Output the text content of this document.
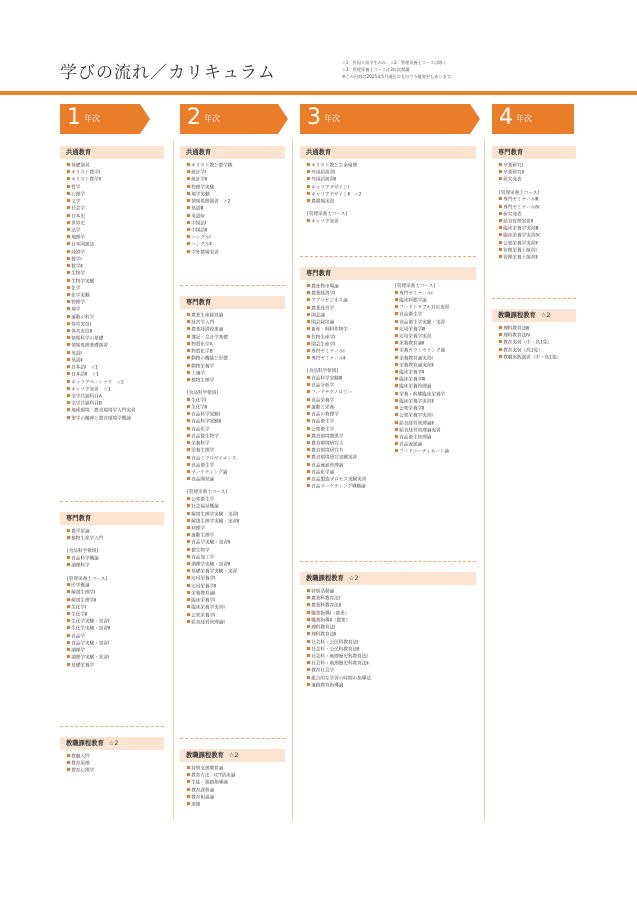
学びの流れ／カリキュラム
☆1：外国人留学生のみ　☆2：管理栄養士コースは除く
☆3：管理栄養士コースは3年次開講
※この内容は2025年5月現在のもので今後変更もあります。
1 年次	2 年次	3 年次	4 年次
共通教育
基礎演習
キリスト教学Ⅰ
キリスト教学Ⅱ
哲学
心理学
文学
社会学
日本史
世界史
法学
地理学
日本国憲法
経済学
数学Ⅰ
数学Ⅱ
生物学
生物学実験
化学
化学実験
物理学
地学
運動の科学
体育実技Ⅰ
体育実技Ⅱ
情報科学の基礎
情報処理基礎演習
英語Ⅰ
英語Ⅱ
日本語Ⅰ　☆1
日本語Ⅱ　☆1
キャリアベーシック　☆2
キャリア実習　☆3
全学共通科目A
全学共通科目B
地球環境・農食環境学入門実習
聖学の精神と農食環境学概論
専門教育
農学原論
植物生産学入門
[食品科学領域]
食品科学概論
調理科学
[管理栄養士コース]
医学概論
解剖生理学Ⅰ
解剖生理学Ⅱ
生化学Ⅰ
生化学Ⅱ
生化学実験・実習Ⅰ
生化学実験・実習Ⅱ
食品学
食品学実験・実習Ⅰ
調理学
調理学実験・実習Ⅰ
基礎栄養学
教職課程教育 ☆2
教職入門
教育原理
教育心理学
共通教育
キリスト教と農学概
統計学Ⅰ
統計学Ⅱ
物理学実験
地学実験
情報処理演習　☆2
英語Ⅲ
英語Ⅳ
中国語Ⅰ
中国語Ⅱ
ハングルⅠ
ハングルⅡ
学外農場実習
専門教育
農業生産経営論
経営学入門
農業経済政策論
簿記・会計学基礎
物質化学A
物質化学B
動物の機能と形態
動物栄養学
土壌学
植物生理学
[食品科学領域]
生化学Ⅰ
生化学Ⅱ
食品科学実験Ⅰ
食品科学実験Ⅱ
食品化学
食品微生物学
栄養科学
栄養生理学
食品ミクロサイエンス
食品衛生学
マーケティング論
食品開発論
[管理栄養士コース]
公衆衛生学
社会福祉概論
解剖生理学実験・実習Ⅰ
解剖生理学実験・実習Ⅱ
病理学
運動生理学
食品学実験・実習Ⅱ
微生物学
食品加工学
調理学実験・実習Ⅱ
基礎栄養学実験・実習
応用栄養学Ⅰ
応用栄養学Ⅱ
栄養教育論Ⅰ
臨床栄養学Ⅰ
臨床栄養学実習Ⅰ
公衆栄養学Ⅰ
給食経営管理論Ⅰ
教職課程教育 ☆2
特別支援教育論
教育方法・ICT活用論
生徒・進路指導論
教育課程論
教育相談論
道徳
共通教育
キリスト教と生命倫理
外国語演習Ⅰ
外国語演習Ⅱ
キャリアデザインⅠ
キャリアデザインⅡ　☆2
農園場実習
[管理栄養士コース]
キャリア実習
専門教育
農産物市場論
農業経済学Ⅰ
アグリビジネス論
農業経営学
園芸論
園芸栽培論
畜産・飼料作物学
作物生産学Ⅰ
園芸生産学Ⅰ
専門ゼミナールⅠ
専門ゼミナールⅡ
[食品科学領域]
食品科学実験Ⅲ
食品分析学
フードテクノロジー
食品栄養学
運動と栄養
食品の物理学
食品衛生学
公衆衛生学
農食環境関係学
農食環境研究Ａ
農食環境研究Ｂ
農食環境研究実験実習
食品流通管理論
食品化学論
食品製造プロセス実験実習
食品マーケティング戦略論
[管理栄養士コース]
専門ゼミナールⅠ
臨床病態学論
フードトラブル対応実習
食品衛生学
食品衛生学実験・実習
応用栄養学Ⅲ
応用栄養学実習
栄養教育論Ⅱ
栄養カウンセリング論
栄養教育論実習Ⅰ
栄養教育論実習Ⅱ
臨床栄養学Ⅱ
臨床栄養学Ⅲ
臨床栄養管理論
栄養・病態臨床栄養学
臨床栄養学実習Ⅱ
公衆栄養学Ⅱ
公衆栄養学実習Ⅰ
給食経営管理論Ⅱ
給食経営管理論実習
食品衛生管理論
食品流通論
フードコーディネート論
教職課程教育 ☆2
特別活動論
農業科教育法Ⅰ
農業科教育法Ⅱ
職業指導Ⅰ（農業）
職業指導Ⅱ（農業）
理科教育法Ⅰ
理科教育法Ⅱ
社会科・公民科教育法Ⅰ
社会科・公民科教育法Ⅱ
社会科・地理歴史科教育法Ⅰ
社会科・地理歴史科教育法Ⅱ
教育社会学
総合的な学習の時間の指導法
進路教育指導論
専門教育
卒業研究Ⅰ
卒業研究Ⅱ
研究発表
[管理栄養士コース]
専門ゼミナールⅢ
専門ゼミナールⅣ
研究発表
給食管理実習Ⅱ
臨床栄養学実習Ⅲ
臨床栄養学実習Ⅳ
公衆栄養学実習Ⅱ
管理栄養士演習Ⅰ
管理栄養士演習Ⅱ
教職課程教育 ☆2
理科教育法Ⅲ
理科教育法Ⅳ
教育実習（中・高1免）
教育実習（高1免）
教職実践演習（中・高1免）
